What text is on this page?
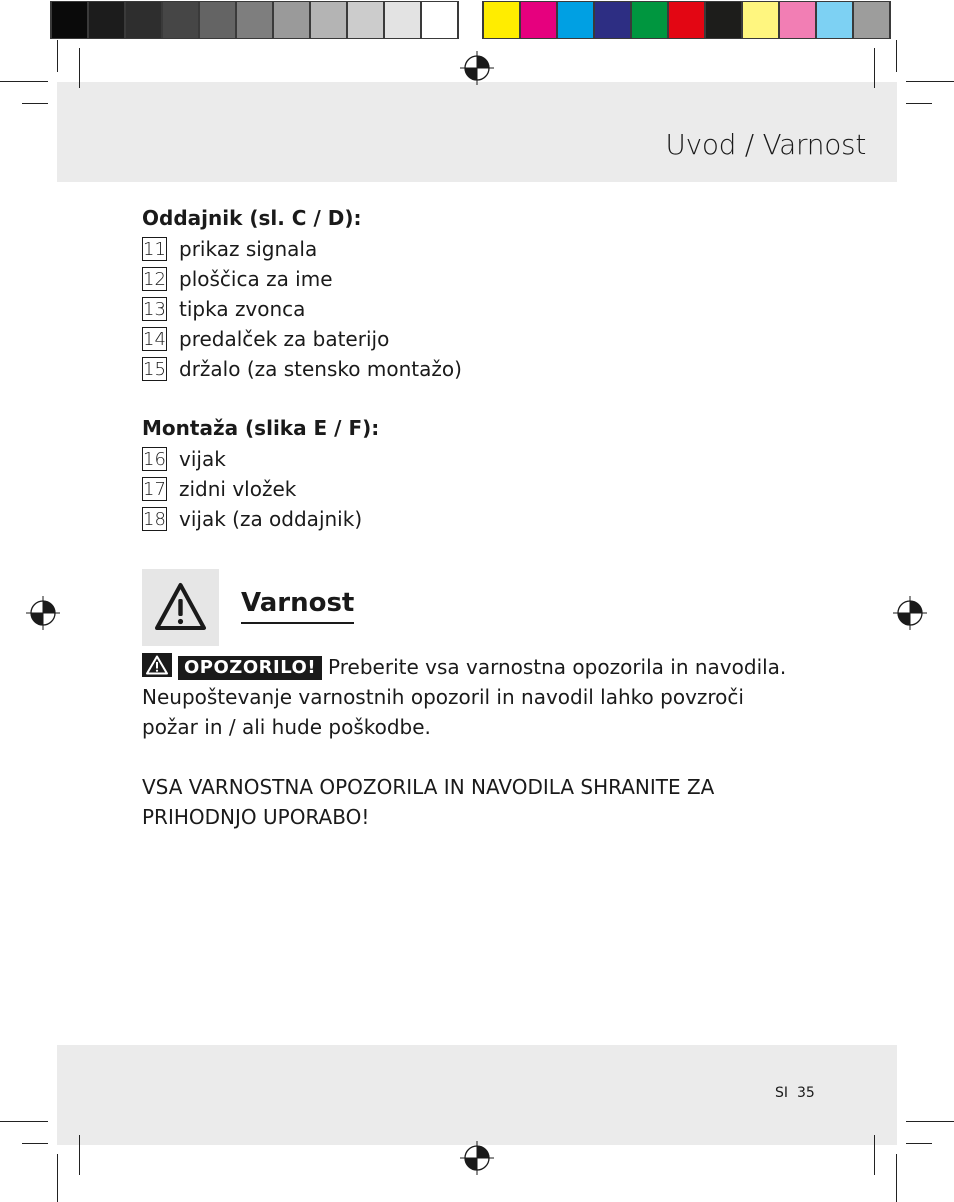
Uvod / Varnost
SI 35
Oddajnik (sl. C / D):
11 prikaz signala
12 ploščica za ime
13 tipka zvonca
14 predalček za baterijo
15 držalo (za stensko montažo)
Montaža (slika E / F):
16 vijak
17 zidni vložek
18 vijak (za oddajnik)
Varnost
OPOZORILO! Preberite vsa varnostna opozorila in navodila. Neupoštevanje varnostnih opozoril in navodil lahko povzroči požar in / ali hude poškodbe.
VSA VARNOSTNA OPOZORILA IN NAVODILA SHRANITE ZA PRIHODNJO UPORABO!
